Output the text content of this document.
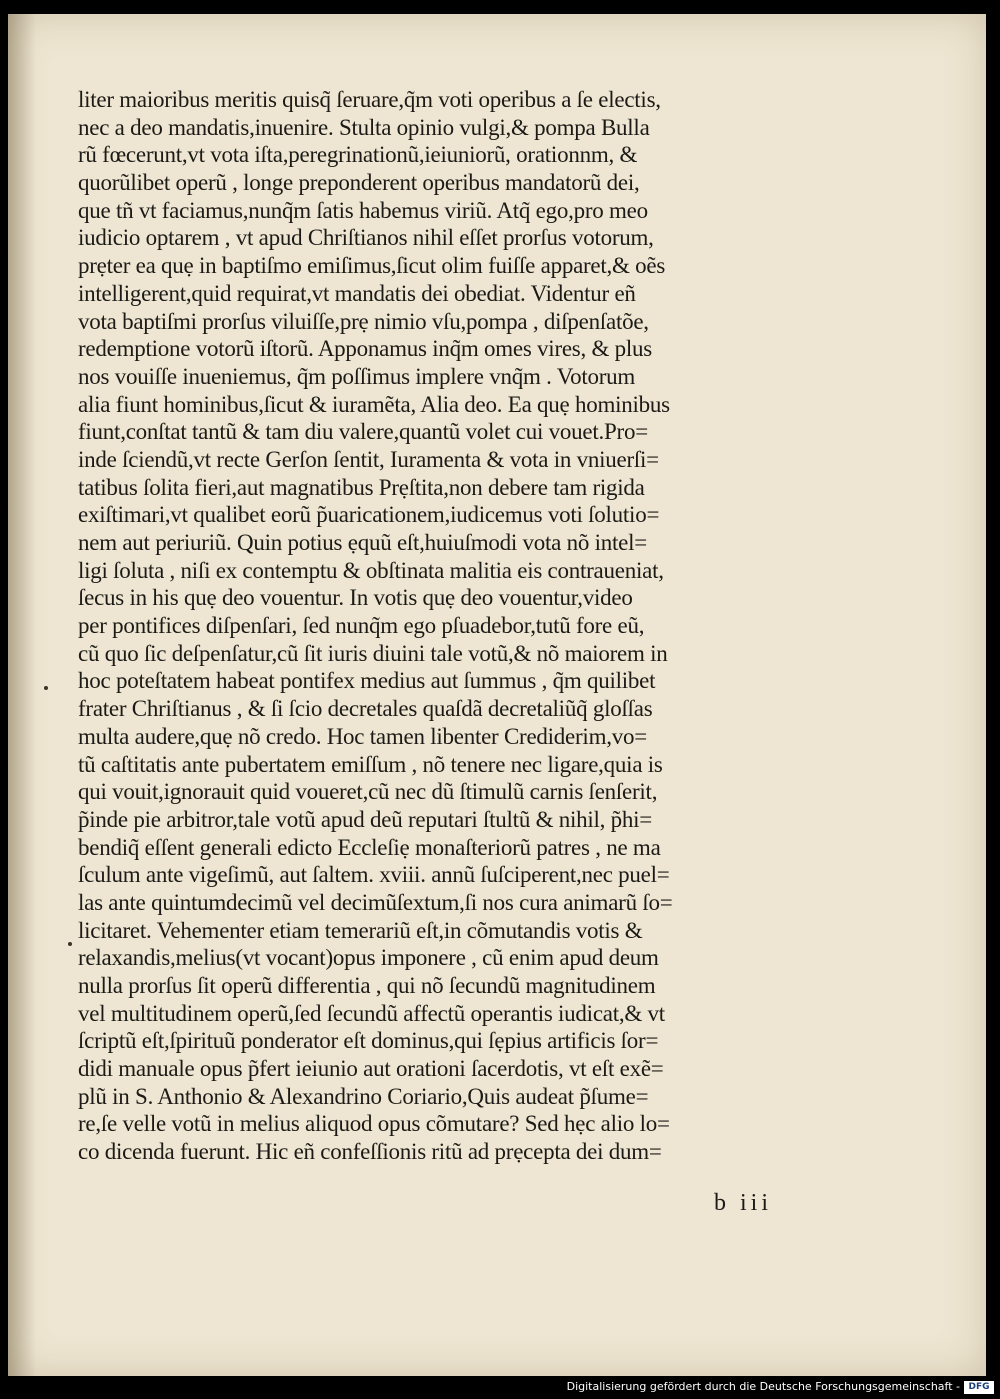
liter maioribus meritis quisq̃ ſeruare,q̃m voti operibus a ſe electis,
nec a deo mandatis,inuenire. Stulta opinio vulgi,& pompa Bulla
rũ fœcerunt,vt vota iſta,peregrinationũ,ieiuniorũ, orationnm, &
quorũlibet operũ , longe preponderent operibus mandatorũ dei,
que tñ vt faciamus,nunq̃m ſatis habemus viriũ. Atq̃ ego,pro meo
iudicio optarem , vt apud Chriſtianos nihil eſſet prorſus votorum,
prẹter ea quẹ in baptiſmo emiſimus,ſicut olim fuiſſe apparet,& oẽs
intelligerent,quid requirat,vt mandatis dei obediat. Videntur eñ
vota baptiſmi prorſus viluiſſe,prẹ nimio vſu,pompa , diſpenſatõe,
redemptione votorũ iſtorũ. Apponamus inq̃m omes vires, & plus
nos vouiſſe inueniemus, q̃m poſſimus implere vnq̃m . Votorum
alia fiunt hominibus,ſicut & iuramẽta, Alia deo. Ea quẹ hominibus
fiunt,conſtat tantũ & tam diu valere,quantũ volet cui vouet.Pro=
inde ſciendũ,vt recte Gerſon ſentit, Iuramenta & vota in vniuerſi=
tatibus ſolita fieri,aut magnatibus Prẹſtita,non debere tam rigida
exiſtimari,vt qualibet eorũ p̃uaricationem,iudicemus voti ſolutio=
nem aut periuriũ. Quin potius ẹquũ eſt,huiuſmodi vota nõ intel=
ligi ſoluta , niſi ex contemptu & obſtinata malitia eis contraueniat,
ſecus in his quẹ deo vouentur. In votis quẹ deo vouentur,video
per pontifices diſpenſari, ſed nunq̃m ego pſuadebor,tutũ fore eũ,
cũ quo ſic deſpenſatur,cũ ſit iuris diuini tale votũ,& nõ maiorem in
hoc poteſtatem habeat pontifex medius aut ſummus , q̃m quilibet
frater Chriſtianus , & ſi ſcio decretales quaſdã decretaliũq̃ gloſſas
multa audere,quẹ nõ credo. Hoc tamen libenter Crediderim,vo=
tũ caſtitatis ante pubertatem emiſſum , nõ tenere nec ligare,quia is
qui vouit,ignorauit quid voueret,cũ nec dũ ſtimulũ carnis ſenſerit,
p̃inde pie arbitror,tale votũ apud deũ reputari ſtultũ & nihil, p̃hi=
bendiq̃ eſſent generali edicto Eccleſiẹ monaſteriorũ patres , ne ma
ſculum ante vigeſimũ, aut ſaltem. xviii. annũ ſuſciperent,nec puel=
las ante quintumdecimũ vel decimũſextum,ſi nos cura animarũ ſo=
licitaret. Vehementer etiam temerariũ eſt,in cõmutandis votis &
relaxandis,melius(vt vocant)opus imponere , cũ enim apud deum
nulla prorſus ſit operũ differentia , qui nõ ſecundũ magnitudinem
vel multitudinem operũ,ſed ſecundũ affectũ operantis iudicat,& vt
ſcriptũ eſt,ſpirituũ ponderator eſt dominus,qui ſẹpius artificis ſor=
didi manuale opus p̃fert ieiunio aut orationi ſacerdotis, vt eſt exẽ=
plũ in S. Anthonio & Alexandrino Coriario,Quis audeat p̃ſume=
re,ſe velle votũ in melius aliquod opus cõmutare? Sed hẹc alio lo=
co dicenda fuerunt. Hic eñ confeſſionis ritũ ad prẹcepta dei dum=
b iii
Digitalisierung gefördert durch die Deutsche Forschungsgemeinschaft - DFG
